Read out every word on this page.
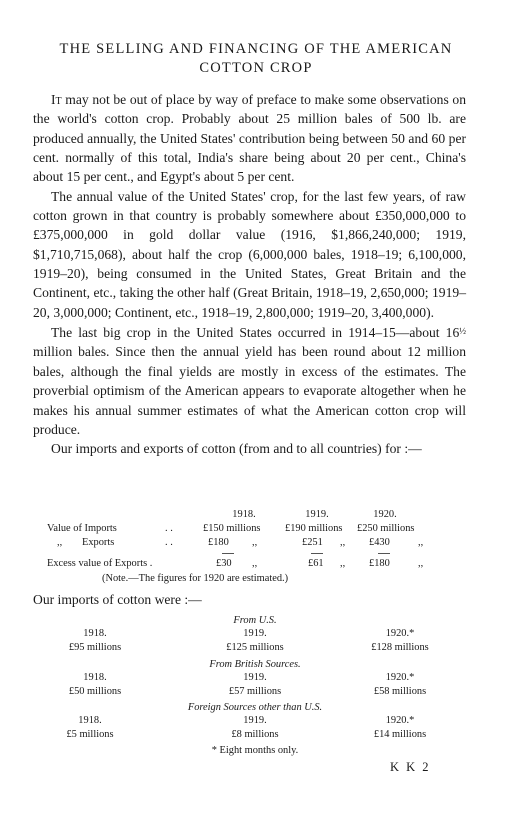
THE SELLING AND FINANCING OF THE AMERICAN
COTTON CROP

It may not be out of place by way of preface to make some observations on the world's cotton crop. Probably about 25 million bales of 500 lb. are produced annually, the United States' contribution being between 50 and 60 per cent. normally of this total, India's share being about 20 per cent., China's about 15 per cent., and Egypt's about 5 per cent.

The annual value of the United States' crop, for the last few years, of raw cotton grown in that country is probably somewhere about £350,000,000 to £375,000,000 in gold dollar value (1916, $1,866,240,000; 1919, $1,710,715,068), about half the crop (6,000,000 bales, 1918–19; 6,100,000, 1919–20), being consumed in the United States, Great Britain and the Continent, etc., taking the other half (Great Britain, 1918–19, 2,650,000; 1919–20, 3,000,000; Continent, etc., 1918–19, 2,800,000; 1919–20, 3,400,000).

The last big crop in the United States occurred in 1914–15—about $16^{\frac{1}{2}}$ million bales. Since then the annual yield has been round about 12 million bales, although the final yields are mostly in excess of the estimates. The proverbial optimism of the American appears to evaporate altogether when he makes his annual summer estimates of what the American cotton crop will produce.

Our imports and exports of cotton (from and to all countries) for :—

1918.	1919.	1920.
Value of Imports	. .	£150 millions £190 millions £250 millions
,, Exports	. .	£180 ,,	£251 ,, £430	,,
Excess value of Exports .	£30 ,,	£61 ,, £180	,,
(Note.—The figures for 1920 are estimated.)
Our imports of cotton were :—
From U.S.
1918.	1919.	1920.*
£95 millions	£125 millions	£128 millions
From British Sources.
1918.	1919.	1920.*
£50 millions	£57 millions	£58 millions
Foreign Sources other than U.S.
1918.	1919.	1920.*
£5 millions	£8 millions	£14 millions
* Eight months only.
K K 2
